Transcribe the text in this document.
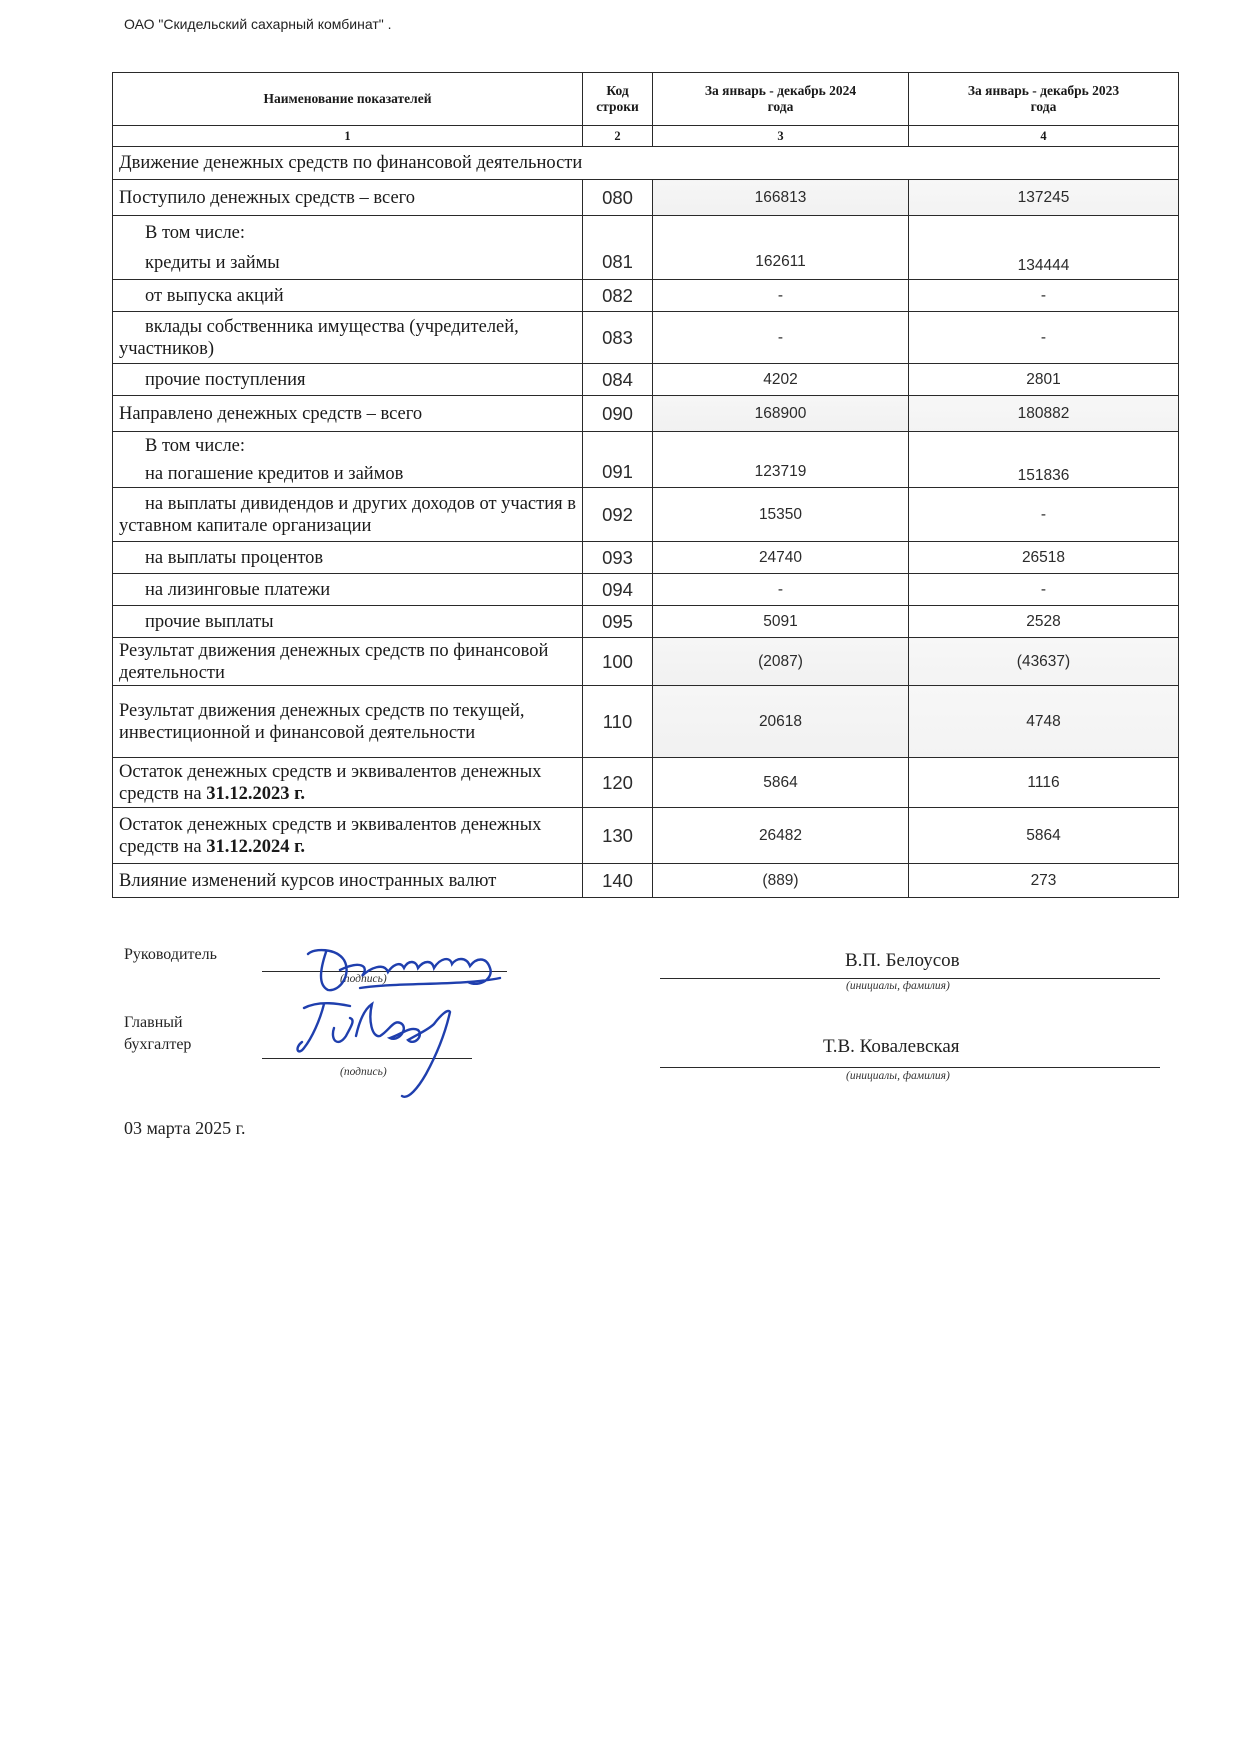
ОАО "Скидельский сахарный комбинат" .
Наименование показателей	Код строки	За январь - декабрь 2024 года	За январь - декабрь 2023 года
1	2	3	4
Движение денежных средств по финансовой деятельности			
Поступило денежных средств – всего	080	166813	137245

В том числе:
кредиты и займы	081	162611	134444

от выпуска акций	082	-	-

вклады собственника имущества (учредителей, участников)	083	-	-

прочие поступления	084	4202	2801
Направлено денежных средств – всего	090	168900	180882

В том числе:
на погашение кредитов и займов	091	123719	151836

на выплаты дивидендов и других доходов от участия в уставном капитале организации	092	15350	-

на выплаты процентов	093	24740	26518

на лизинговые платежи	094	-	-

прочие выплаты	095	5091	2528
Результат движения денежных средств по финансовой деятельности	100	(2087)	(43637)
Результат движения денежных средств по текущей, инвестиционной и финансовой деятельности	110	20618	4748
Остаток денежных средств и эквивалентов денежных средств на 31.12.2023 г.	120	5864	1116
Остаток денежных средств и эквивалентов денежных средств на 31.12.2024 г.	130	26482	5864
Влияние изменений курсов иностранных валют	140	(889)	273
Руководитель
(подпись)
В.П. Белоусов
(инициалы, фамилия)
Главный
бухгалтер
(подпись)
Т.В. Ковалевская
(инициалы, фамилия)
03 марта 2025 г.
